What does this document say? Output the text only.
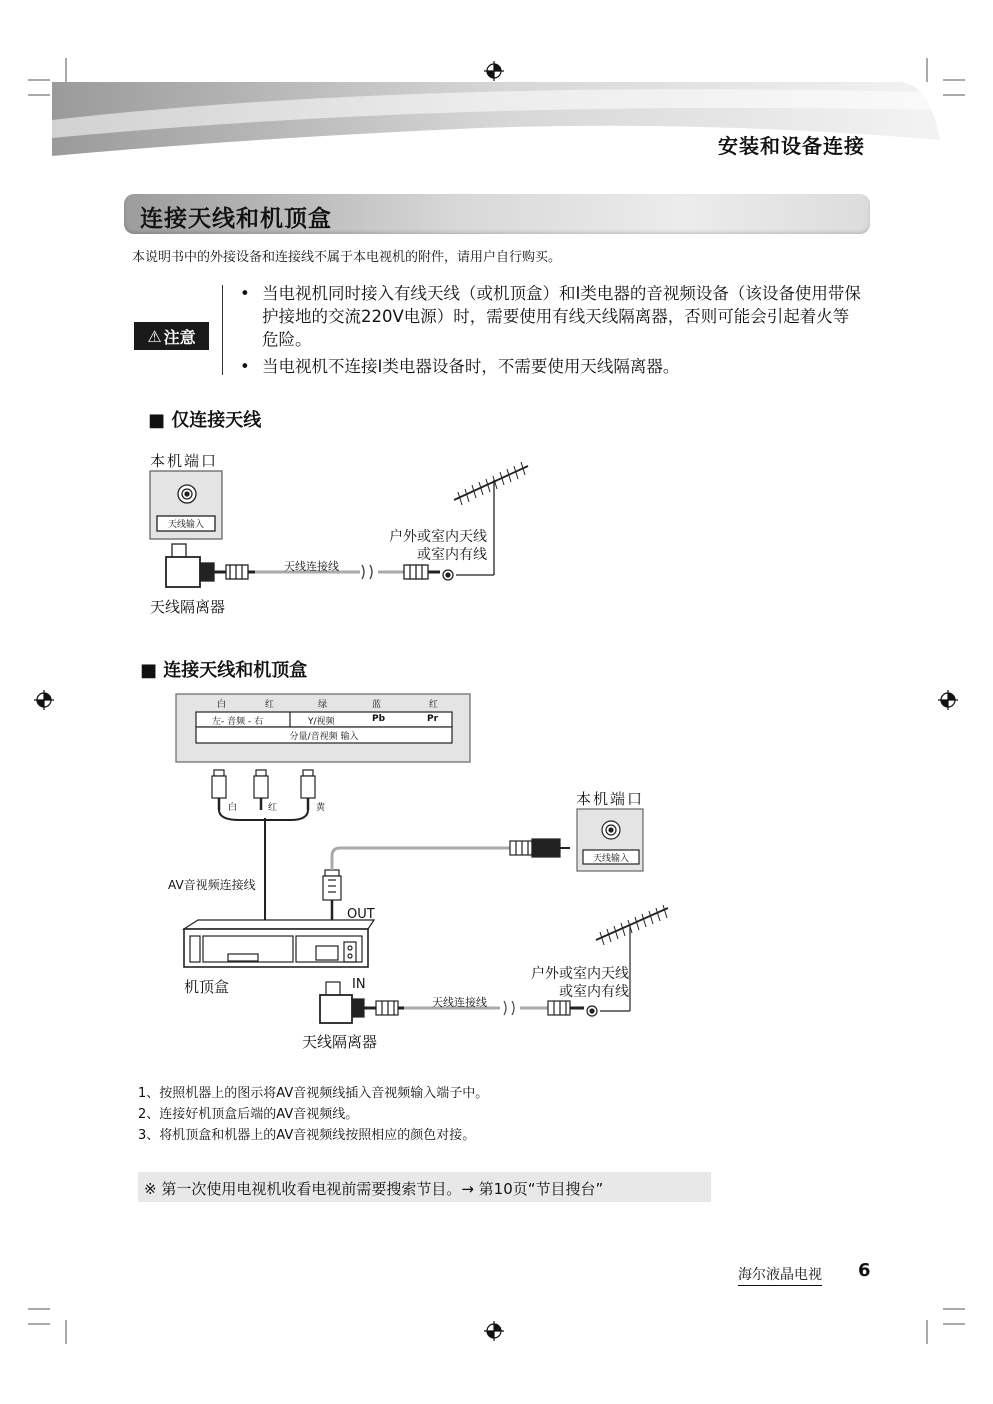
安装和设备连接
连接天线和机顶盒
本说明书中的外接设备和连接线不属于本电视机的附件，请用户自行购买。
⚠ 注意
• 当电视机同时接入有线天线（或机顶盒）和I类电器的音视频设备（该设备使用带保护接地的交流220V电源）时，需要使用有线天线隔离器，否则可能会引起着火等危险。
• 当电视机不连接I类电器设备时，不需要使用天线隔离器。
■ 仅连接天线
本机端口
天线输入
天线连接线
户外或室内天线
或室内有线
天线隔离器
■ 连接天线和机顶盒
白	红	绿	蓝	红
左- 音频 - 右	Y/视频	Pb	Pr
分量/音视频 输入
白	红	黄
AV音视频连接线
OUT
机顶盒	IN
本机端口
天线输入
天线连接线
户外或室内天线
或室内有线
天线隔离器
1、按照机器上的图示将AV音视频线插入音视频输入端子中。
2、连接好机顶盒后端的AV音视频线。
3、将机顶盒和机器上的AV音视频线按照相应的颜色对接。
※ 第一次使用电视机收看电视前需要搜索节目。→ 第10页“节目搜台”
海尔液晶电视 6
